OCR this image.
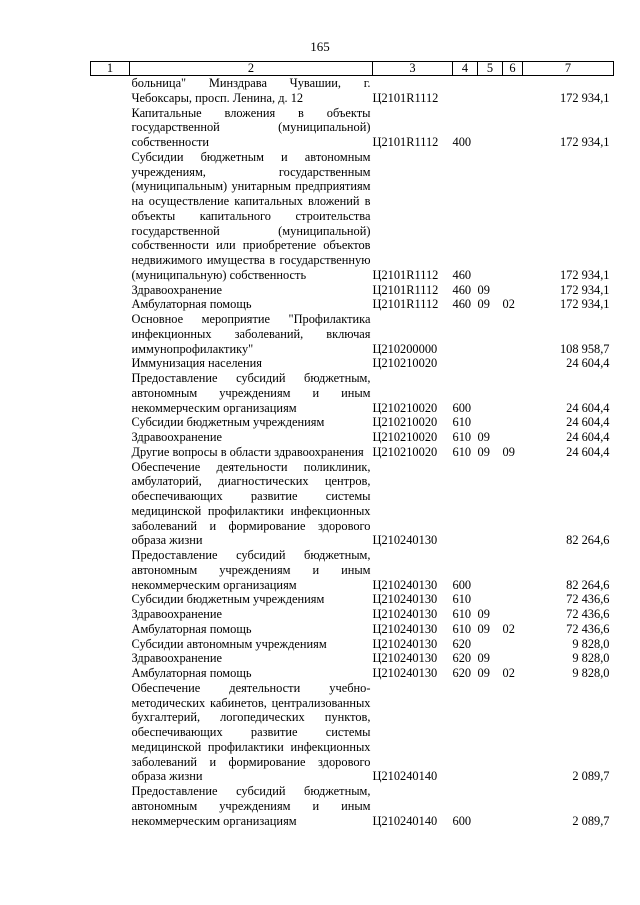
165
1	2	3	4	5	6	7
	больница" Минздрава Чувашии, г. Чебоксары, просп. Ленина, д. 12	Ц2101R1112				172 934,1
	Капитальные вложения в объекты государственной (муниципальной) собственности	Ц2101R1112	400			172 934,1
	Субсидии бюджетным и автономным учреждениям, государственным (муниципальным) унитарным предприятиям на осуществление капитальных вложений в объекты капитального строительства государственной (муниципальной) собственности или приобретение объектов недвижимого имущества в государственную (муниципальную) собственность	Ц2101R1112	460			172 934,1
	Здравоохранение	Ц2101R1112	460	09		172 934,1
	Амбулаторная помощь	Ц2101R1112	460	09	02	172 934,1
	Основное мероприятие "Профилактика инфекционных заболеваний, включая иммунопрофилактику"	Ц210200000				108 958,7
	Иммунизация населения	Ц210210020				24 604,4
	Предоставление субсидий бюджетным, автономным учреждениям и иным некоммерческим организациям	Ц210210020	600			24 604,4
	Субсидии бюджетным учреждениям	Ц210210020	610			24 604,4
	Здравоохранение	Ц210210020	610	09		24 604,4
	Другие вопросы в области здравоохранения	Ц210210020	610	09	09	24 604,4
	Обеспечение деятельности поликлиник, амбулаторий, диагностических центров, обеспечивающих развитие системы медицинской профилактики инфекционных заболеваний и формирование здорового образа жизни	Ц210240130				82 264,6
	Предоставление субсидий бюджетным, автономным учреждениям и иным некоммерческим организациям	Ц210240130	600			82 264,6
	Субсидии бюджетным учреждениям	Ц210240130	610			72 436,6
	Здравоохранение	Ц210240130	610	09		72 436,6
	Амбулаторная помощь	Ц210240130	610	09	02	72 436,6
	Субсидии автономным учреждениям	Ц210240130	620			9 828,0
	Здравоохранение	Ц210240130	620	09		9 828,0
	Амбулаторная помощь	Ц210240130	620	09	02	9 828,0
	Обеспечение деятельности учебно-методических кабинетов, централизованных бухгалтерий, логопедических пунктов, обеспечивающих развитие системы медицинской профилактики инфекционных заболеваний и формирование здорового образа жизни	Ц210240140				2 089,7
	Предоставление субсидий бюджетным, автономным учреждениям и иным некоммерческим организациям	Ц210240140	600			2 089,7
